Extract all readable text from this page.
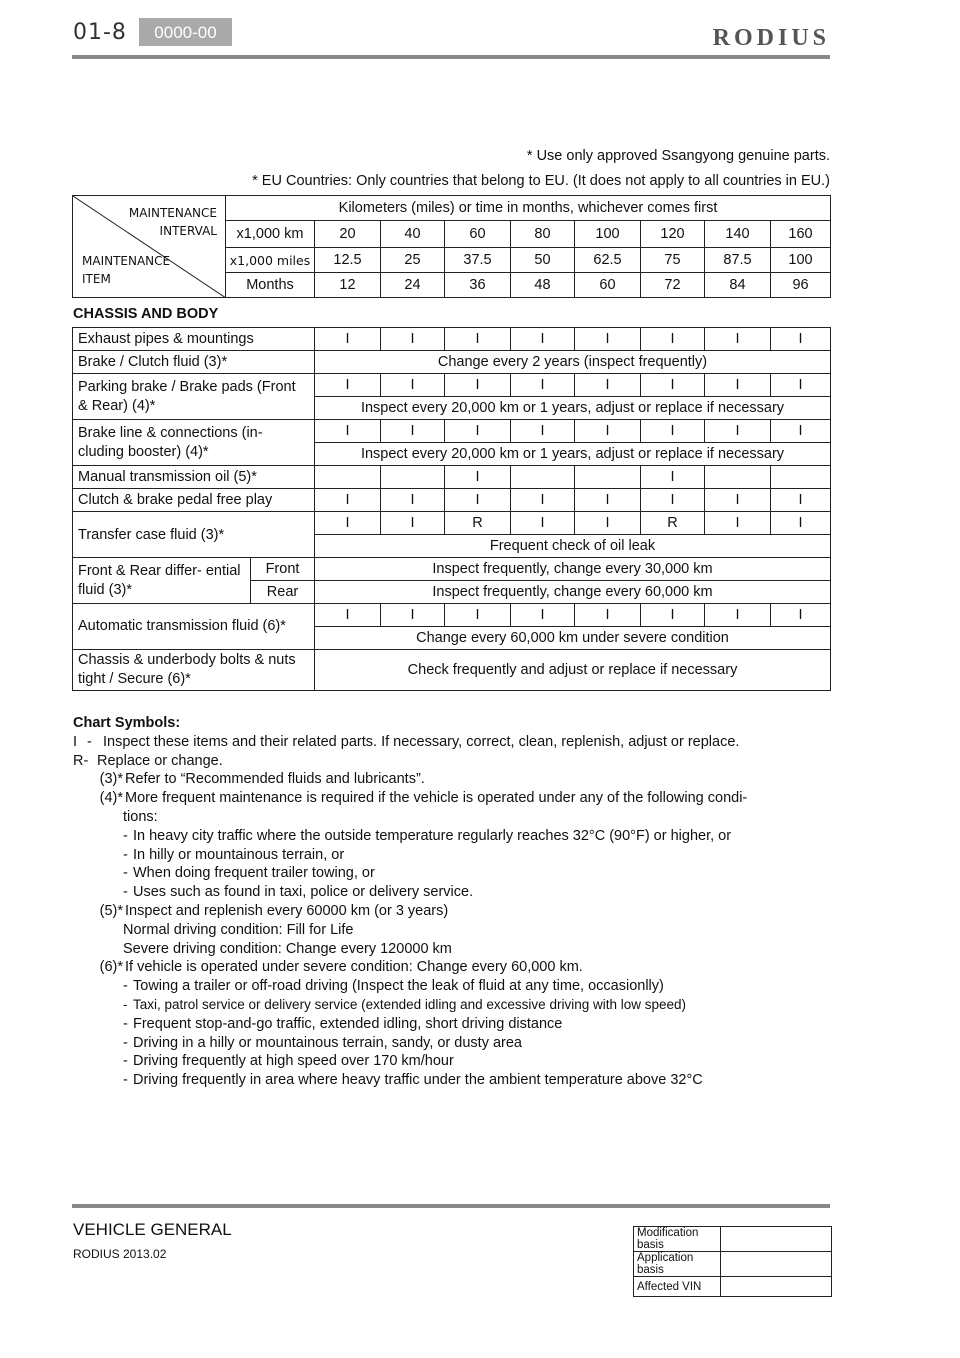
01-8	0000-00	RODIUS
* Use only approved Ssangyong genuine parts.
* EU Countries: Only countries that belong to EU. (It does not apply to all countries in EU.)
MAINTENANCE
INTERVAL
MAINTENANCE
ITEM	Kilometers (miles) or time in months, whichever comes first								
	x1,000 km	20	40	60	80	100	120	140	160
	x1,000 miles	12.5	25	37.5	50	62.5	75	87.5	100
	Months	12	24	36	48	60	72	84	96
CHASSIS AND BODY
Exhaust pipes & mountings		I	I	I	I	I	I	I	I
Brake / Clutch fluid (3)*		Change every 2 years (inspect frequently)							
Parking brake / Brake pads (Front & Rear) (4)*		I	I	I	I	I	I	I	I
		Inspect every 20,000 km or 1 years, adjust or replace if necessary							
Brake line & connections (in- cluding booster) (4)*		I	I	I	I	I	I	I	I
		Inspect every 20,000 km or 1 years, adjust or replace if necessary							
Manual transmission oil (5)*				I			I		
Clutch & brake pedal free play		I	I	I	I	I	I	I	I
Transfer case fluid (3)*		I	I	R	I	I	R	I	I
		Frequent check of oil leak							
Front & Rear differ- ential fluid (3)*	Front	Inspect frequently, change every 30,000 km							
	Rear	Inspect frequently, change every 60,000 km							
Automatic transmission fluid (6)*		I	I	I	I	I	I	I	I
		Change every 60,000 km under severe condition							
Chassis & underbody bolts & nuts tight / Secure (6)*		Check frequently and adjust or replace if necessary							
Chart Symbols:
I - Inspect these items and their related parts. If necessary, correct, clean, replenish, adjust or replace.
R- Replace or change.
(3)* Refer to “Recommended fluids and lubricants”.
(4)* More frequent maintenance is required if the vehicle is operated under any of the following condi-
tions:
- In heavy city traffic where the outside temperature regularly reaches 32°C (90°F) or higher, or
- In hilly or mountainous terrain, or
- When doing frequent trailer towing, or
- Uses such as found in taxi, police or delivery service.
(5)* Inspect and replenish every 60000 km (or 3 years)
Normal driving condition: Fill for Life
Severe driving condition: Change every 120000 km
(6)* If vehicle is operated under severe condition: Change every 60,000 km.
- Towing a trailer or off-road driving (Inspect the leak of fluid at any time, occasionlly)
- Taxi, patrol service or delivery service (extended idling and excessive driving with low speed)
- Frequent stop-and-go traffic, extended idling, short driving distance
- Driving in a hilly or mountainous terrain, sandy, or dusty area
- Driving frequently at high speed over 170 km/hour
- Driving frequently in area where heavy traffic under the ambient temperature above 32°C
VEHICLE GENERAL
RODIUS 2013.02
Modification basis	
Application basis	
Affected VIN	
